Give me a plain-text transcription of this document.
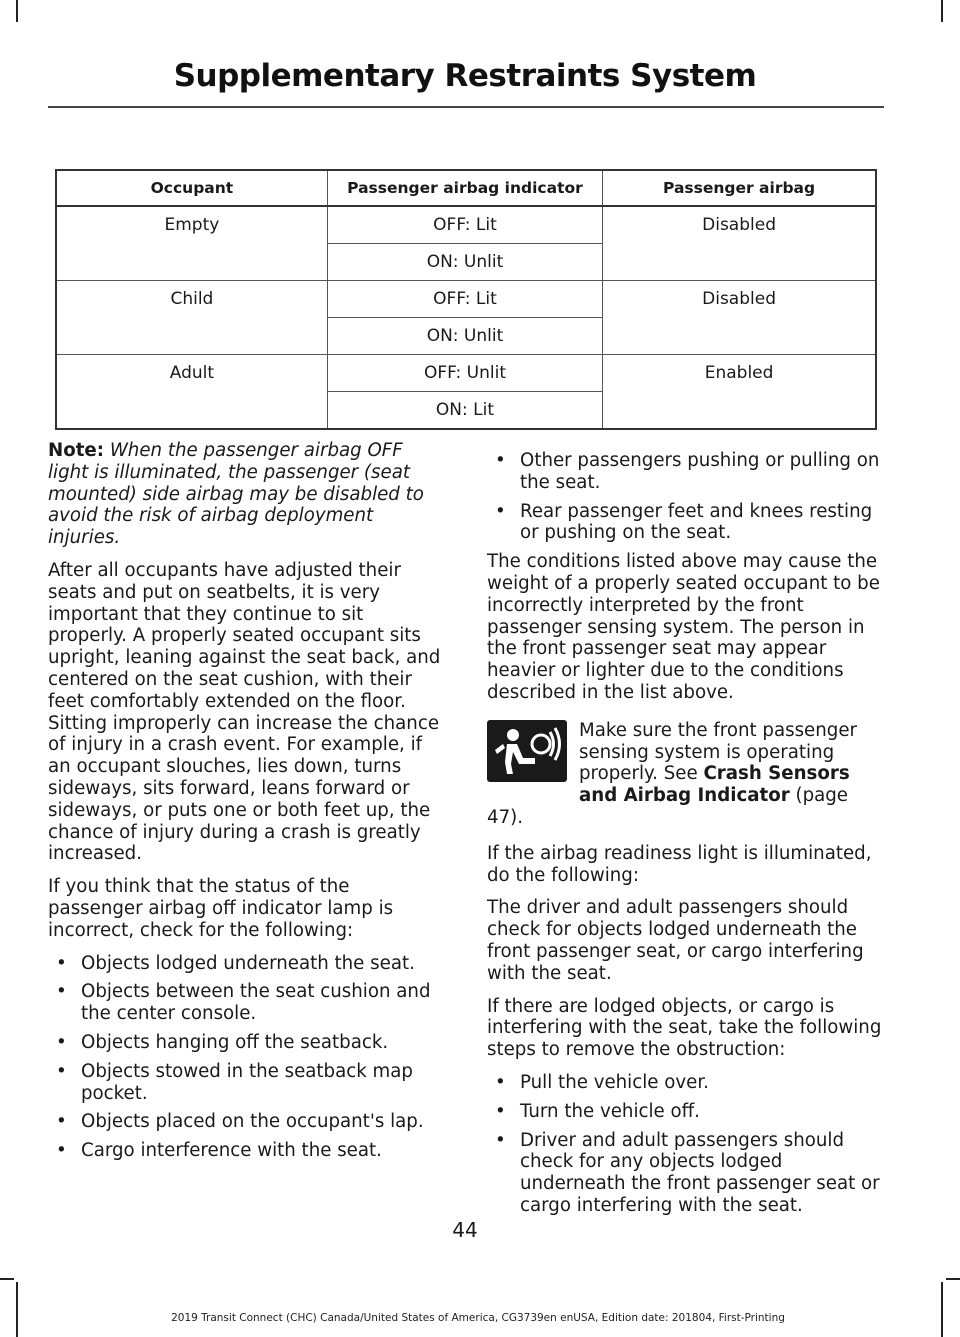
Supplementary Restraints System
Occupant	Passenger airbag indicator	Passenger airbag
Empty	OFF: Lit	Disabled
	ON: Unlit	
Child	OFF: Lit	Disabled
	ON: Unlit	
Adult	OFF: Unlit	Enabled
	ON: Lit	

Note: When the passenger airbag OFF light is illuminated, the passenger (seat mounted) side airbag may be disabled to avoid the risk of airbag deployment injuries.

After all occupants have adjusted their seats and put on seatbelts, it is very important that they continue to sit properly. A properly seated occupant sits upright, leaning against the seat back, and centered on the seat cushion, with their feet comfortably extended on the floor. Sitting improperly can increase the chance of injury in a crash event. For example, if an occupant slouches, lies down, turns sideways, sits forward, leans forward or sideways, or puts one or both feet up, the chance of injury during a crash is greatly increased.

If you think that the status of the passenger airbag off indicator lamp is incorrect, check for the following:

• Objects lodged underneath the seat.
• Objects between the seat cushion and the center console.
• Objects hanging off the seatback.
• Objects stowed in the seatback map pocket.
• Objects placed on the occupant's lap.
• Cargo interference with the seat.
• Other passengers pushing or pulling on the seat.
• Rear passenger feet and knees resting or pushing on the seat.

The conditions listed above may cause the weight of a properly seated occupant to be incorrectly interpreted by the front passenger sensing system. The person in the front passenger seat may appear heavier or lighter due to the conditions described in the list above.

Make sure the front passenger sensing system is operating properly. See Crash Sensors and Airbag Indicator (page 47).

If the airbag readiness light is illuminated, do the following:

The driver and adult passengers should check for objects lodged underneath the front passenger seat, or cargo interfering with the seat.

If there are lodged objects, or cargo is interfering with the seat, take the following steps to remove the obstruction:

• Pull the vehicle over.
• Turn the vehicle off.
• Driver and adult passengers should check for any objects lodged underneath the front passenger seat or cargo interfering with the seat.
44
2019 Transit Connect (CHC) Canada/United States of America, CG3739en enUSA, Edition date: 201804, First-Printing
